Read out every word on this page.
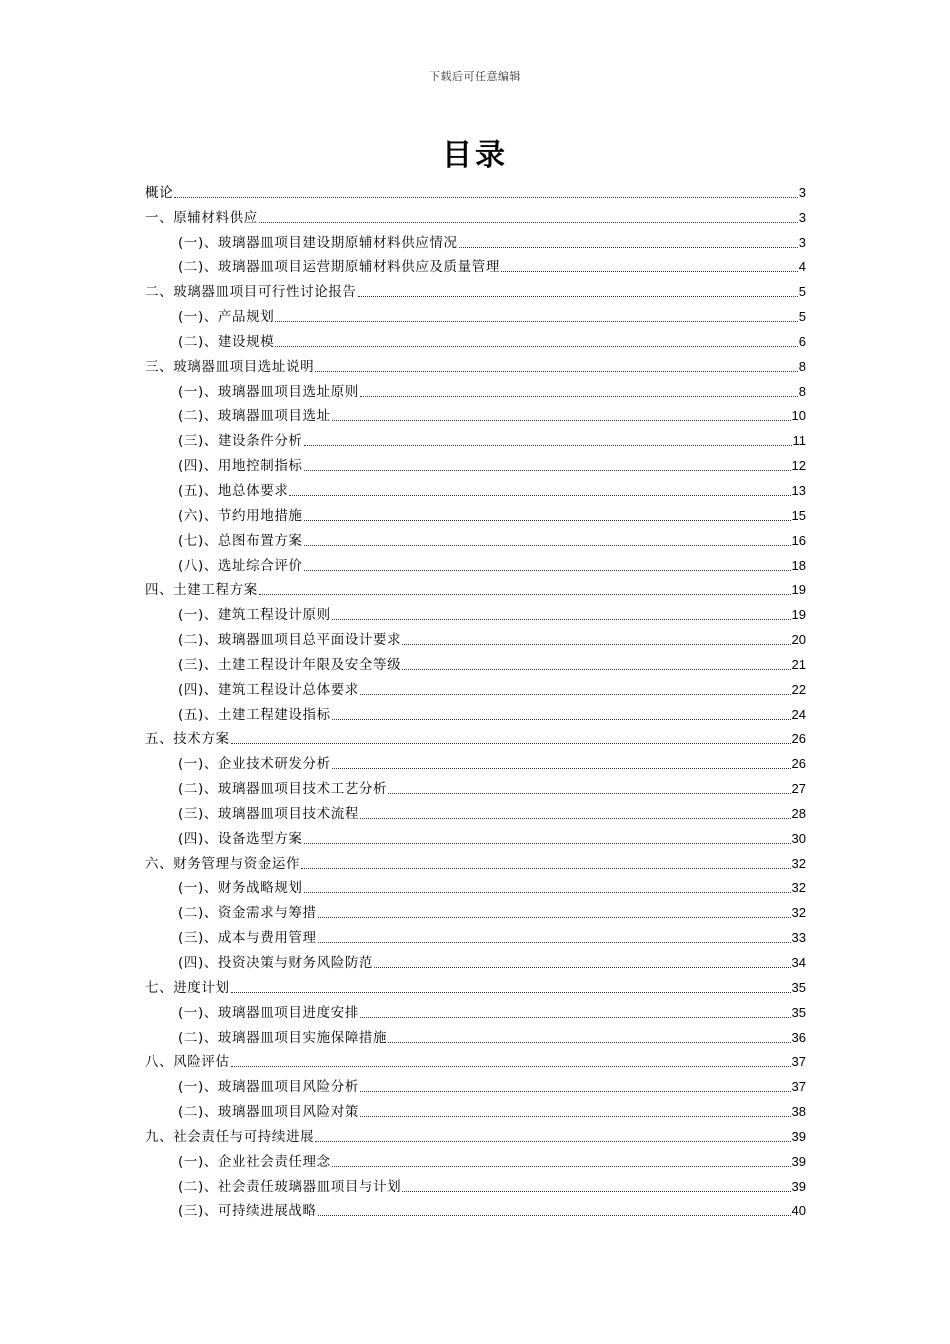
下载后可任意编辑
目录
概论	3
一、原辅材料供应	3
(一)、玻璃器皿项目建设期原辅材料供应情况	3
(二)、玻璃器皿项目运营期原辅材料供应及质量管理	4
二、玻璃器皿项目可行性讨论报告	5
(一)、产品规划	5
(二)、建设规模	6
三、玻璃器皿项目选址说明	8
(一)、玻璃器皿项目选址原则	8
(二)、玻璃器皿项目选址	10
(三)、建设条件分析	11
(四)、用地控制指标	12
(五)、地总体要求	13
(六)、节约用地措施	15
(七)、总图布置方案	16
(八)、选址综合评价	18
四、土建工程方案	19
(一)、建筑工程设计原则	19
(二)、玻璃器皿项目总平面设计要求	20
(三)、土建工程设计年限及安全等级	21
(四)、建筑工程设计总体要求	22
(五)、土建工程建设指标	24
五、技术方案	26
(一)、企业技术研发分析	26
(二)、玻璃器皿项目技术工艺分析	27
(三)、玻璃器皿项目技术流程	28
(四)、设备选型方案	30
六、财务管理与资金运作	32
(一)、财务战略规划	32
(二)、资金需求与筹措	32
(三)、成本与费用管理	33
(四)、投资决策与财务风险防范	34
七、进度计划	35
(一)、玻璃器皿项目进度安排	35
(二)、玻璃器皿项目实施保障措施	36
八、风险评估	37
(一)、玻璃器皿项目风险分析	37
(二)、玻璃器皿项目风险对策	38
九、社会责任与可持续进展	39
(一)、企业社会责任理念	39
(二)、社会责任玻璃器皿项目与计划	39
(三)、可持续进展战略	40
